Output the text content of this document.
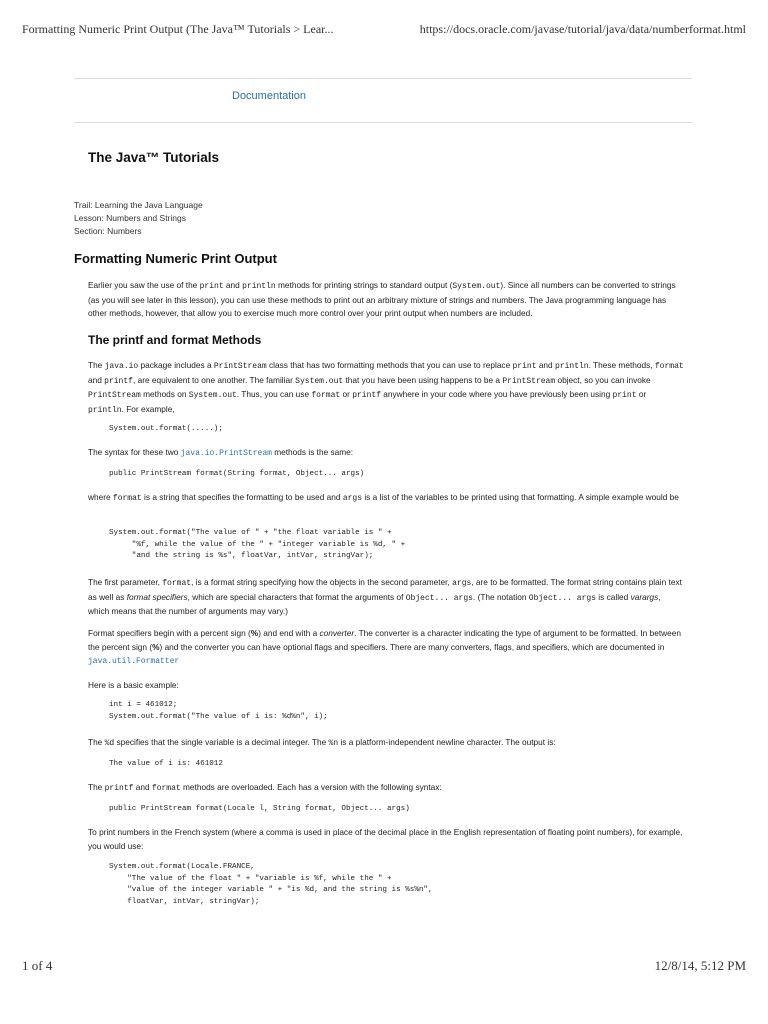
Formatting Numeric Print Output (The Java™ Tutorials > Lear...	https://docs.oracle.com/javase/tutorial/java/data/numberformat.html
1 of 4	12/8/14, 5:12 PM
Documentation
The Java™ Tutorials
Trail: Learning the Java Language
Lesson: Numbers and Strings
Section: Numbers
Formatting Numeric Print Output

Earlier you saw the use of the print and println methods for printing strings to standard output (System.out). Since all numbers can be converted to strings (as you will see later in this lesson), you can use these methods to print out an arbitrary mixture of strings and numbers. The Java programming language has other methods, however, that allow you to exercise much more control over your print output when numbers are included.

The printf and format Methods

The java.io package includes a PrintStream class that has two formatting methods that you can use to replace print and println. These methods, format and printf, are equivalent to one another. The familiar System.out that you have been using happens to be a PrintStream object, so you can invoke PrintStream methods on System.out. Thus, you can use format or printf anywhere in your code where you have previously been using print or println. For example,

System.out.format(.....);

The syntax for these two java.io.PrintStream methods is the same:

public PrintStream format(String format, Object... args)

where format is a string that specifies the formatting to be used and args is a list of the variables to be printed using that formatting. A simple example would be

System.out.format("The value of " + "the float variable is " +
"%f, while the value of the " + "integer variable is %d, " +
"and the string is %s", floatVar, intVar, stringVar);

The first parameter, format, is a format string specifying how the objects in the second parameter, args, are to be formatted. The format string contains plain text as well as format specifiers, which are special characters that format the arguments of Object... args. (The notation Object... args is called varargs, which means that the number of arguments may vary.)

Format specifiers begin with a percent sign (%) and end with a converter. The converter is a character indicating the type of argument to be formatted. In between the percent sign (%) and the converter you can have optional flags and specifiers. There are many converters, flags, and specifiers, which are documented in java.util.Formatter

Here is a basic example:

int i = 461012;
System.out.format("The value of i is: %d%n", i);

The %d specifies that the single variable is a decimal integer. The %n is a platform-independent newline character. The output is:

The value of i is: 461012

The printf and format methods are overloaded. Each has a version with the following syntax:

public PrintStream format(Locale l, String format, Object... args)

To print numbers in the French system (where a comma is used in place of the decimal place in the English representation of floating point numbers), for example, you would use:

System.out.format(Locale.FRANCE,
"The value of the float " + "variable is %f, while the " +
"value of the integer variable " + "is %d, and the string is %s%n",
floatVar, intVar, stringVar);
